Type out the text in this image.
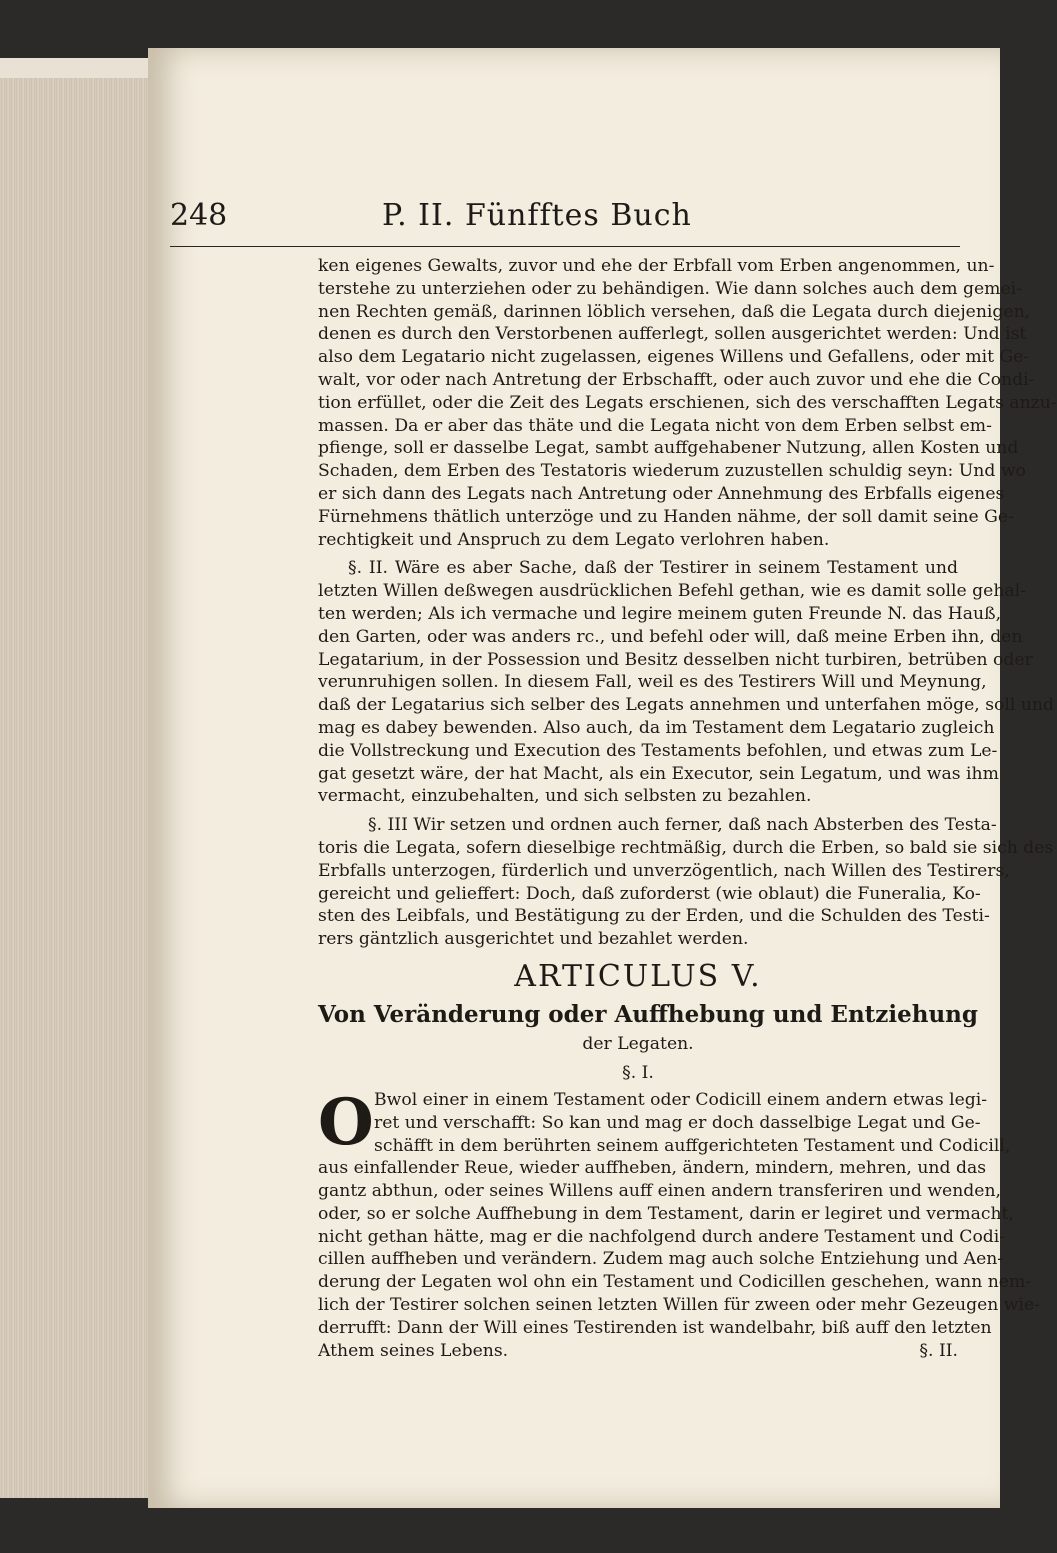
248	P. II. Fünfftes Buch
ken eigenes Gewalts, zuvor und ehe der Erbfall vom Erben angenommen, un-
terstehe zu unterziehen oder zu behändigen. Wie dann solches auch dem gemei-
nen Rechten gemäß, darinnen löblich versehen, daß die Legata durch diejenigen,
denen es durch den Verstorbenen aufferlegt, sollen ausgerichtet werden: Und ist
also dem Legatario nicht zugelassen, eigenes Willens und Gefallens, oder mit Ge-
walt, vor oder nach Antretung der Erbschafft, oder auch zuvor und ehe die Condi-
tion erfüllet, oder die Zeit des Legats erschienen, sich des verschafften Legats anzu-
massen. Da er aber das thäte und die Legata nicht von dem Erben selbst em-
pfienge, soll er dasselbe Legat, sambt auffgehabener Nutzung, allen Kosten und
Schaden, dem Erben des Testatoris wiederum zuzustellen schuldig seyn: Und wo
er sich dann des Legats nach Antretung oder Annehmung des Erbfalls eigenes
Fürnehmens thätlich unterzöge und zu Handen nähme, der soll damit seine Ge-
rechtigkeit und Anspruch zu dem Legato verlohren haben.
§. II. Wäre es aber Sache, daß der Testirer in seinem Testament und
letzten Willen deßwegen ausdrücklichen Befehl gethan, wie es damit solle gehal-
ten werden; Als ich vermache und legire meinem guten Freunde N. das Hauß,
den Garten, oder was anders rc., und befehl oder will, daß meine Erben ihn, den
Legatarium, in der Possession und Besitz desselben nicht turbiren, betrüben oder
verunruhigen sollen. In diesem Fall, weil es des Testirers Will und Meynung,
daß der Legatarius sich selber des Legats annehmen und unterfahen möge, soll und
mag es dabey bewenden. Also auch, da im Testament dem Legatario zugleich
die Vollstreckung und Execution des Testaments befohlen, und etwas zum Le-
gat gesetzt wäre, der hat Macht, als ein Executor, sein Legatum, und was ihm
vermacht, einzubehalten, und sich selbsten zu bezahlen.
§. III Wir setzen und ordnen auch ferner, daß nach Absterben des Testa-
toris die Legata, sofern dieselbige rechtmäßig, durch die Erben, so bald sie sich des
Erbfalls unterzogen, fürderlich und unverzögentlich, nach Willen des Testirers,
gereicht und gelieffert: Doch, daß zuforderst (wie oblaut) die Funeralia, Ko-
sten des Leibfals, und Bestätigung zu der Erden, und die Schulden des Testi-
rers gäntzlich ausgerichtet und bezahlet werden.
ARTICULUS V.
Von Veränderung oder Auffhebung und Entziehung
der Legaten.
§. I.
O Bwol einer in einem Testament oder Codicill einem andern etwas legi-
ret und verschafft: So kan und mag er doch dasselbige Legat und Ge-
schäfft in dem berührten seinem auffgerichteten Testament und Codicill,
aus einfallender Reue, wieder auffheben, ändern, mindern, mehren, und das
gantz abthun, oder seines Willens auff einen andern transferiren und wenden,
oder, so er solche Auffhebung in dem Testament, darin er legiret und vermacht,
nicht gethan hätte, mag er die nachfolgend durch andere Testament und Codi-
cillen auffheben und verändern. Zudem mag auch solche Entziehung und Aen-
derung der Legaten wol ohn ein Testament und Codicillen geschehen, wann nem-
lich der Testirer solchen seinen letzten Willen für zween oder mehr Gezeugen wie-
derrufft: Dann der Will eines Testirenden ist wandelbahr, biß auff den letzten
Athem seines Lebens.	§. II.
